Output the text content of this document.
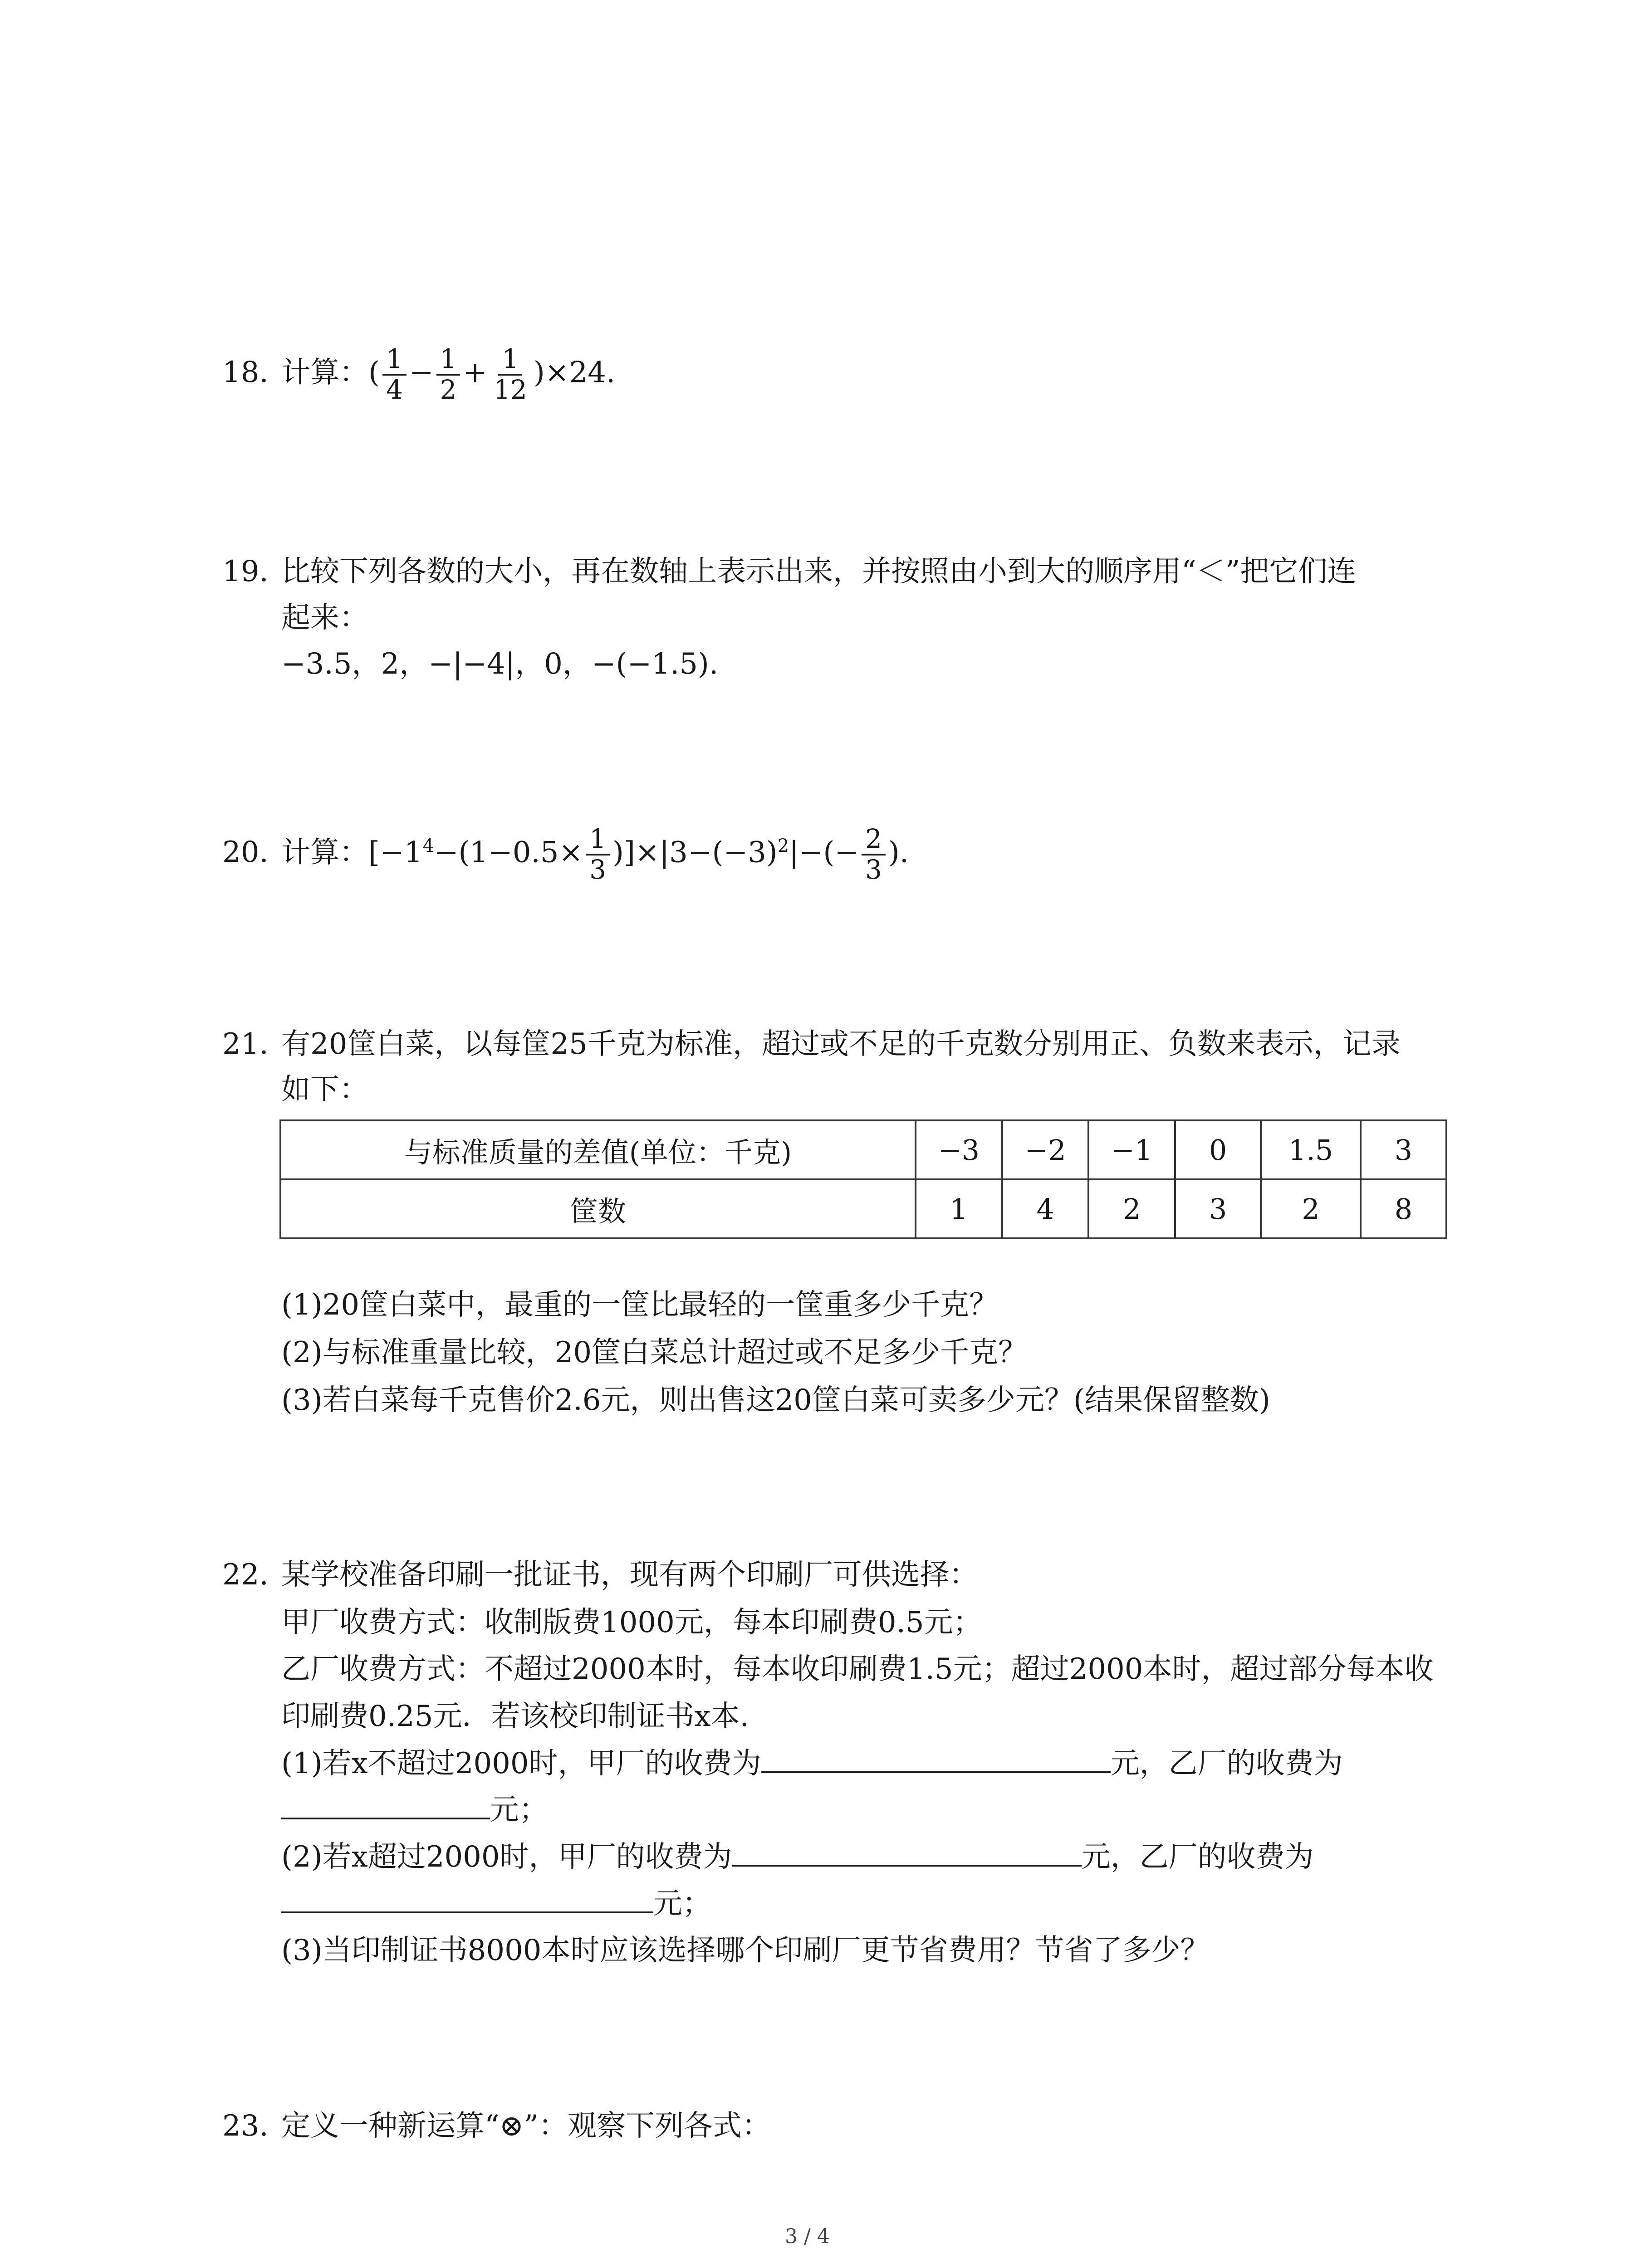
18. 计算：( $\frac{1}{4} - \frac{1}{2} + \frac{1}{12} )\times 24$.
19. 比较下列各数的大小，再在数轴上表示出来，并按照由小到大的顺序用“＜”把它们连
起来：
−3.5，2，−|−4|，0，−(−1.5).
20. 计算：$[-1^4-(1-0.5\times \frac{1}{3} )]\times|3-(-3)^2|-(- \frac{2}{3}$ ).
21. 有20筐白菜，以每筐25千克为标准，超过或不足的千克数分别用正、负数来表示，记录
如下：
与标准质量的差值(单位：千克)	−3	−2	−1	0	1.5	3
筐数	1	4	2	3	2	8
(1)20筐白菜中，最重的一筐比最轻的一筐重多少千克？
(2)与标准重量比较，20筐白菜总计超过或不足多少千克？
(3)若白菜每千克售价2.6元，则出售这20筐白菜可卖多少元？(结果保留整数)
22. 某学校准备印刷一批证书，现有两个印刷厂可供选择：
甲厂收费方式：收制版费1000元，每本印刷费0.5元；
乙厂收费方式：不超过2000本时，每本收印刷费1.5元；超过2000本时，超过部分每本收
印刷费0.25元．若该校印制证书x本.
(1)若x不超过2000时，甲厂的收费为	元，乙厂的收费为
元；
(2)若x超过2000时，甲厂的收费为	元，乙厂的收费为
元；
(3)当印制证书8000本时应该选择哪个印刷厂更节省费用？节省了多少？
23. 定义一种新运算“⊗”：观察下列各式：
3 / 4
